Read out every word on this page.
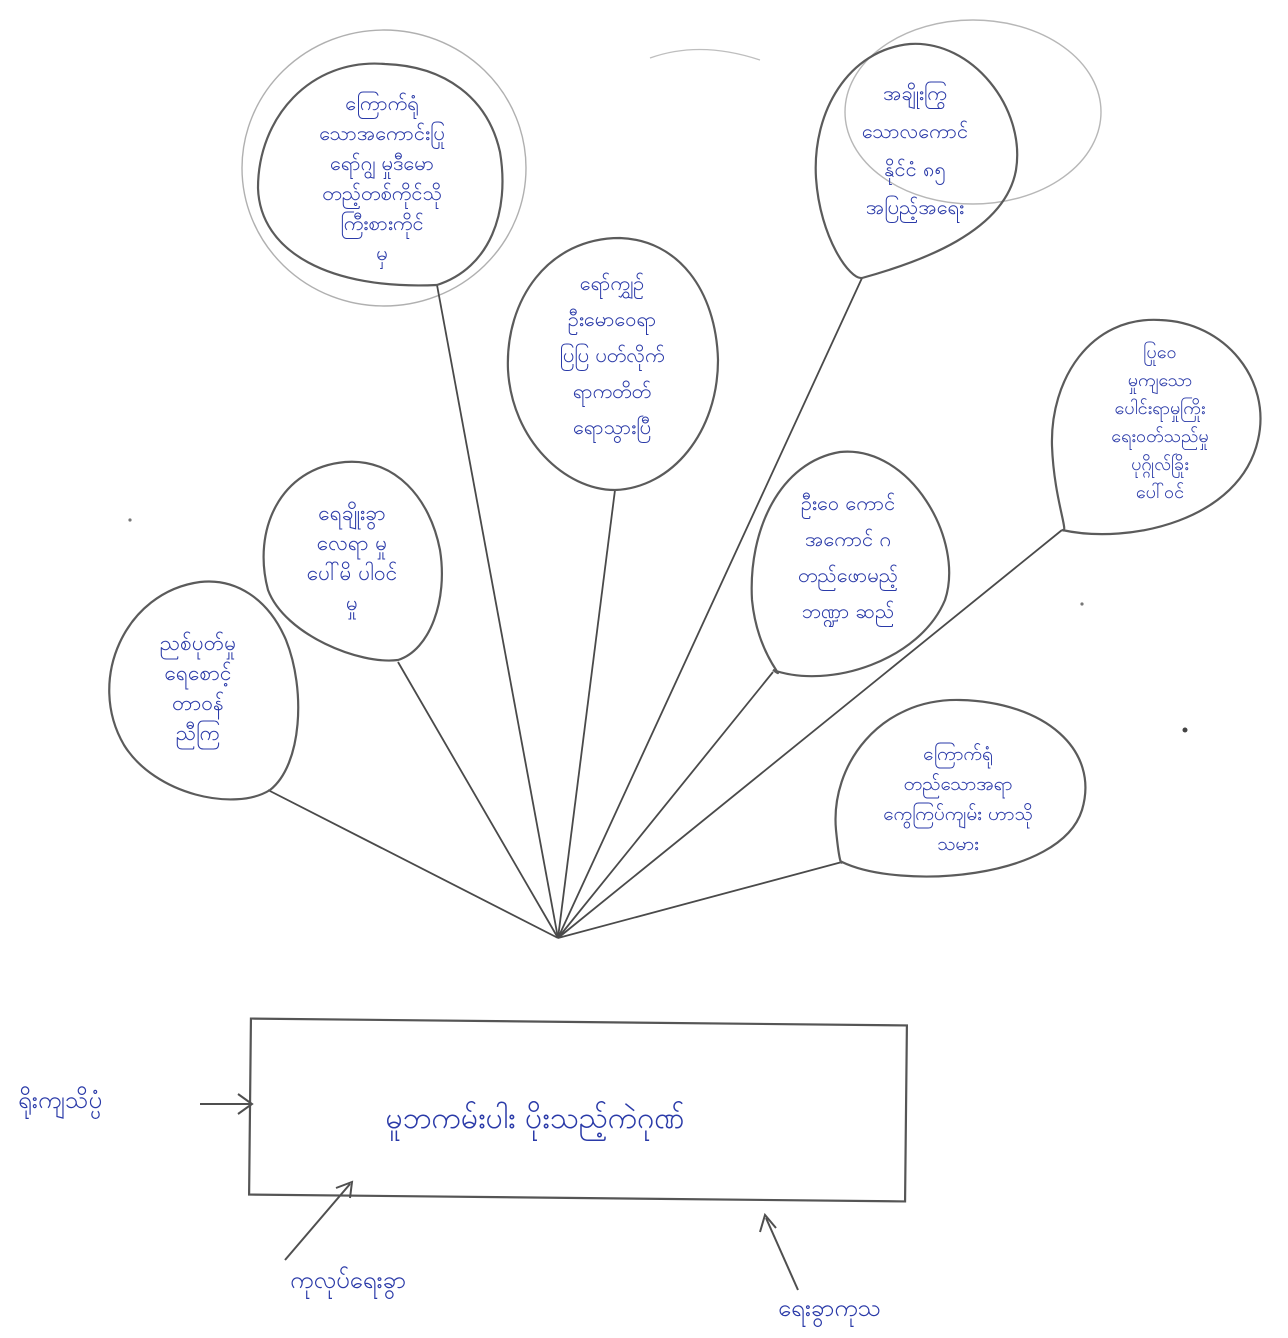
ညစ်ပုတ်မှုရေစောင့်တာဝန်ညီကြ
ရေချိုးခွာလေရာ မှုပေါ်မိ ပါ၀င်မှု
ကြောက်ရုံသောအကောင်းပြုရော်ဂျွ မှုဒီမောတည့်တစ်ကိုင်သိုကြီးစားကိုင်မှ
ရော်ကျွှဉ်ဦးမောဝေရာပြပြ ပတ်လိုက်ရာကတိတ်ရောသွားပြီ
အချိုးကြွသောလကောင်နိုင်ငံ ၈၅အပြည့်အရေး
ဦးဝေ ကောင်အကောင် ဂတည်ဖောမည့်ဘဏ္ဍာ ဆည်
ပြုဝေမှုကျသောပေါင်းရာမှုကြိုးရေးဝတ်သည်မှုပုဂ္ဂိုလ်ခြိုးပေါ်ဝင်
ကြောက်ရုံတည်သောအရာကွေကြပ်ကျမ်း ဟာသိုသမား
မူဘကမ်းပါး ပိုးသည့်ကဲဂုဏ်
ရိုးကျသိပ္ပံ
ကုလုပ်ရေးခွာ
ရေးခွာကုသ
